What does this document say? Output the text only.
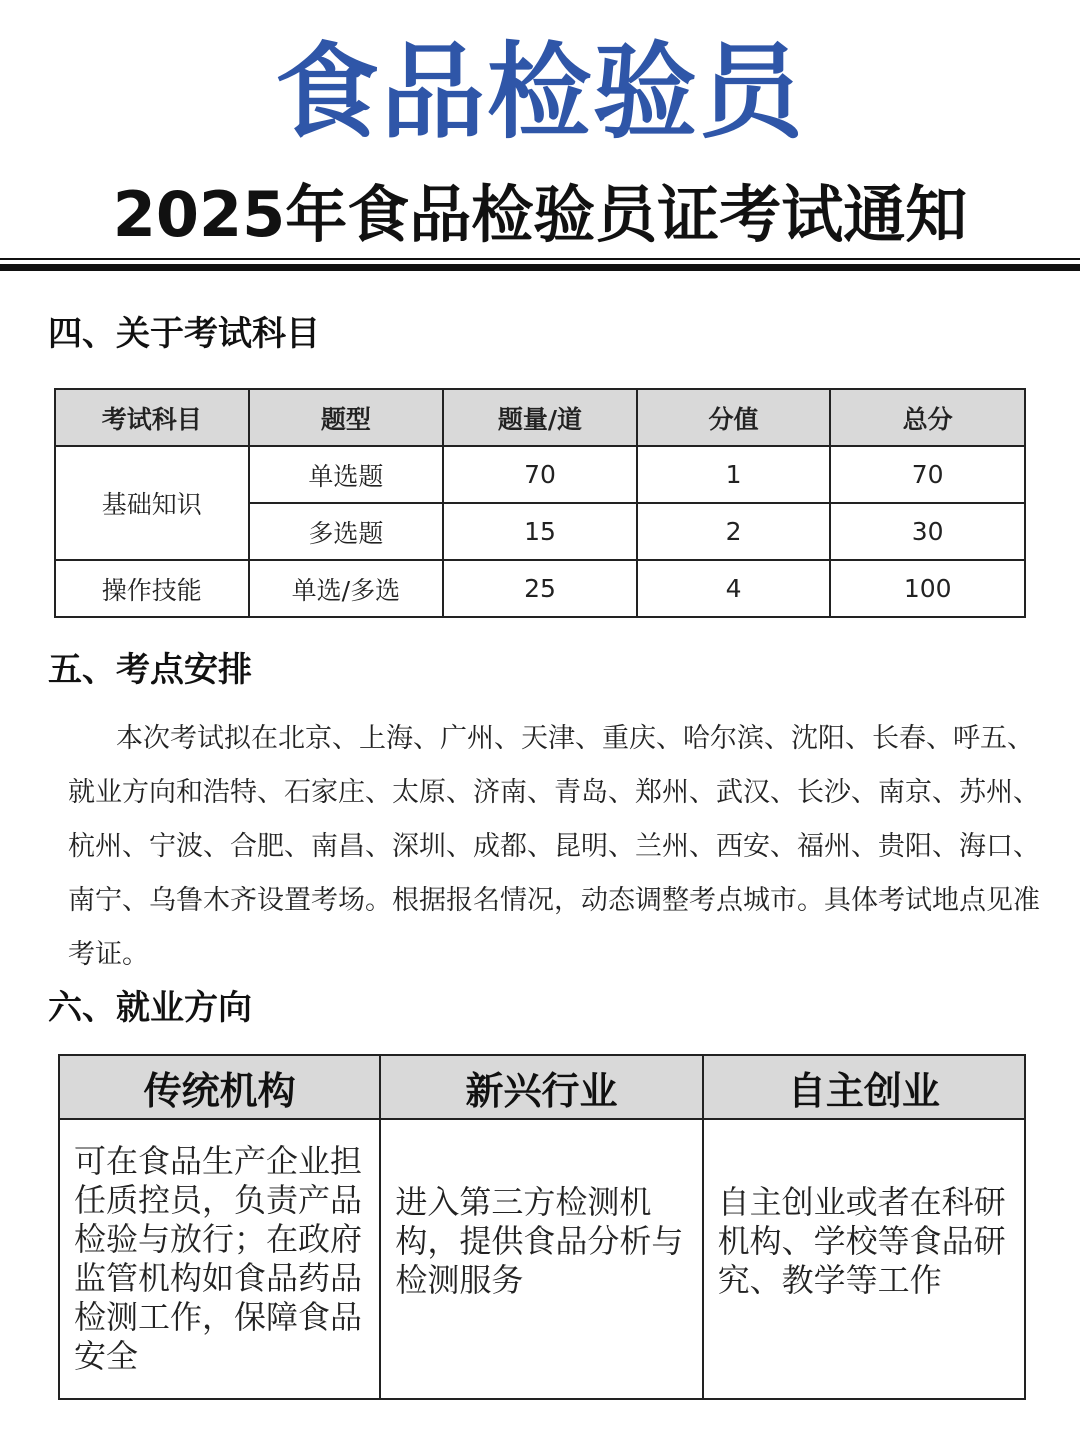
食品检验员
2025年食品检验员证考试通知
四、关于考试科目
考试科目	题型	题量/道	分值	总分
基础知识	单选题	70	1	70
	多选题	15	2	30
操作技能	单选/多选	25	4	100
五、考点安排
本次考试拟在北京、上海、广州、天津、重庆、哈尔滨、沈阳、长春、呼五、就业方向和浩特、石家庄、太原、济南、青岛、郑州、武汉、长沙、南京、苏州、杭州、宁波、合肥、南昌、深圳、成都、昆明、兰州、西安、福州、贵阳、海口、南宁、乌鲁木齐设置考场。根据报名情况，动态调整考点城市。具体考试地点见准考证。
六、就业方向
传统机构	新兴行业	自主创业
可在食品生产企业担任质控员，负责产品检验与放行；在政府监管机构如食品药品检测工作，保障食品安全	进入第三方检测机构，提供食品分析与检测服务	自主创业或者在科研机构、学校等食品研究、教学等工作
